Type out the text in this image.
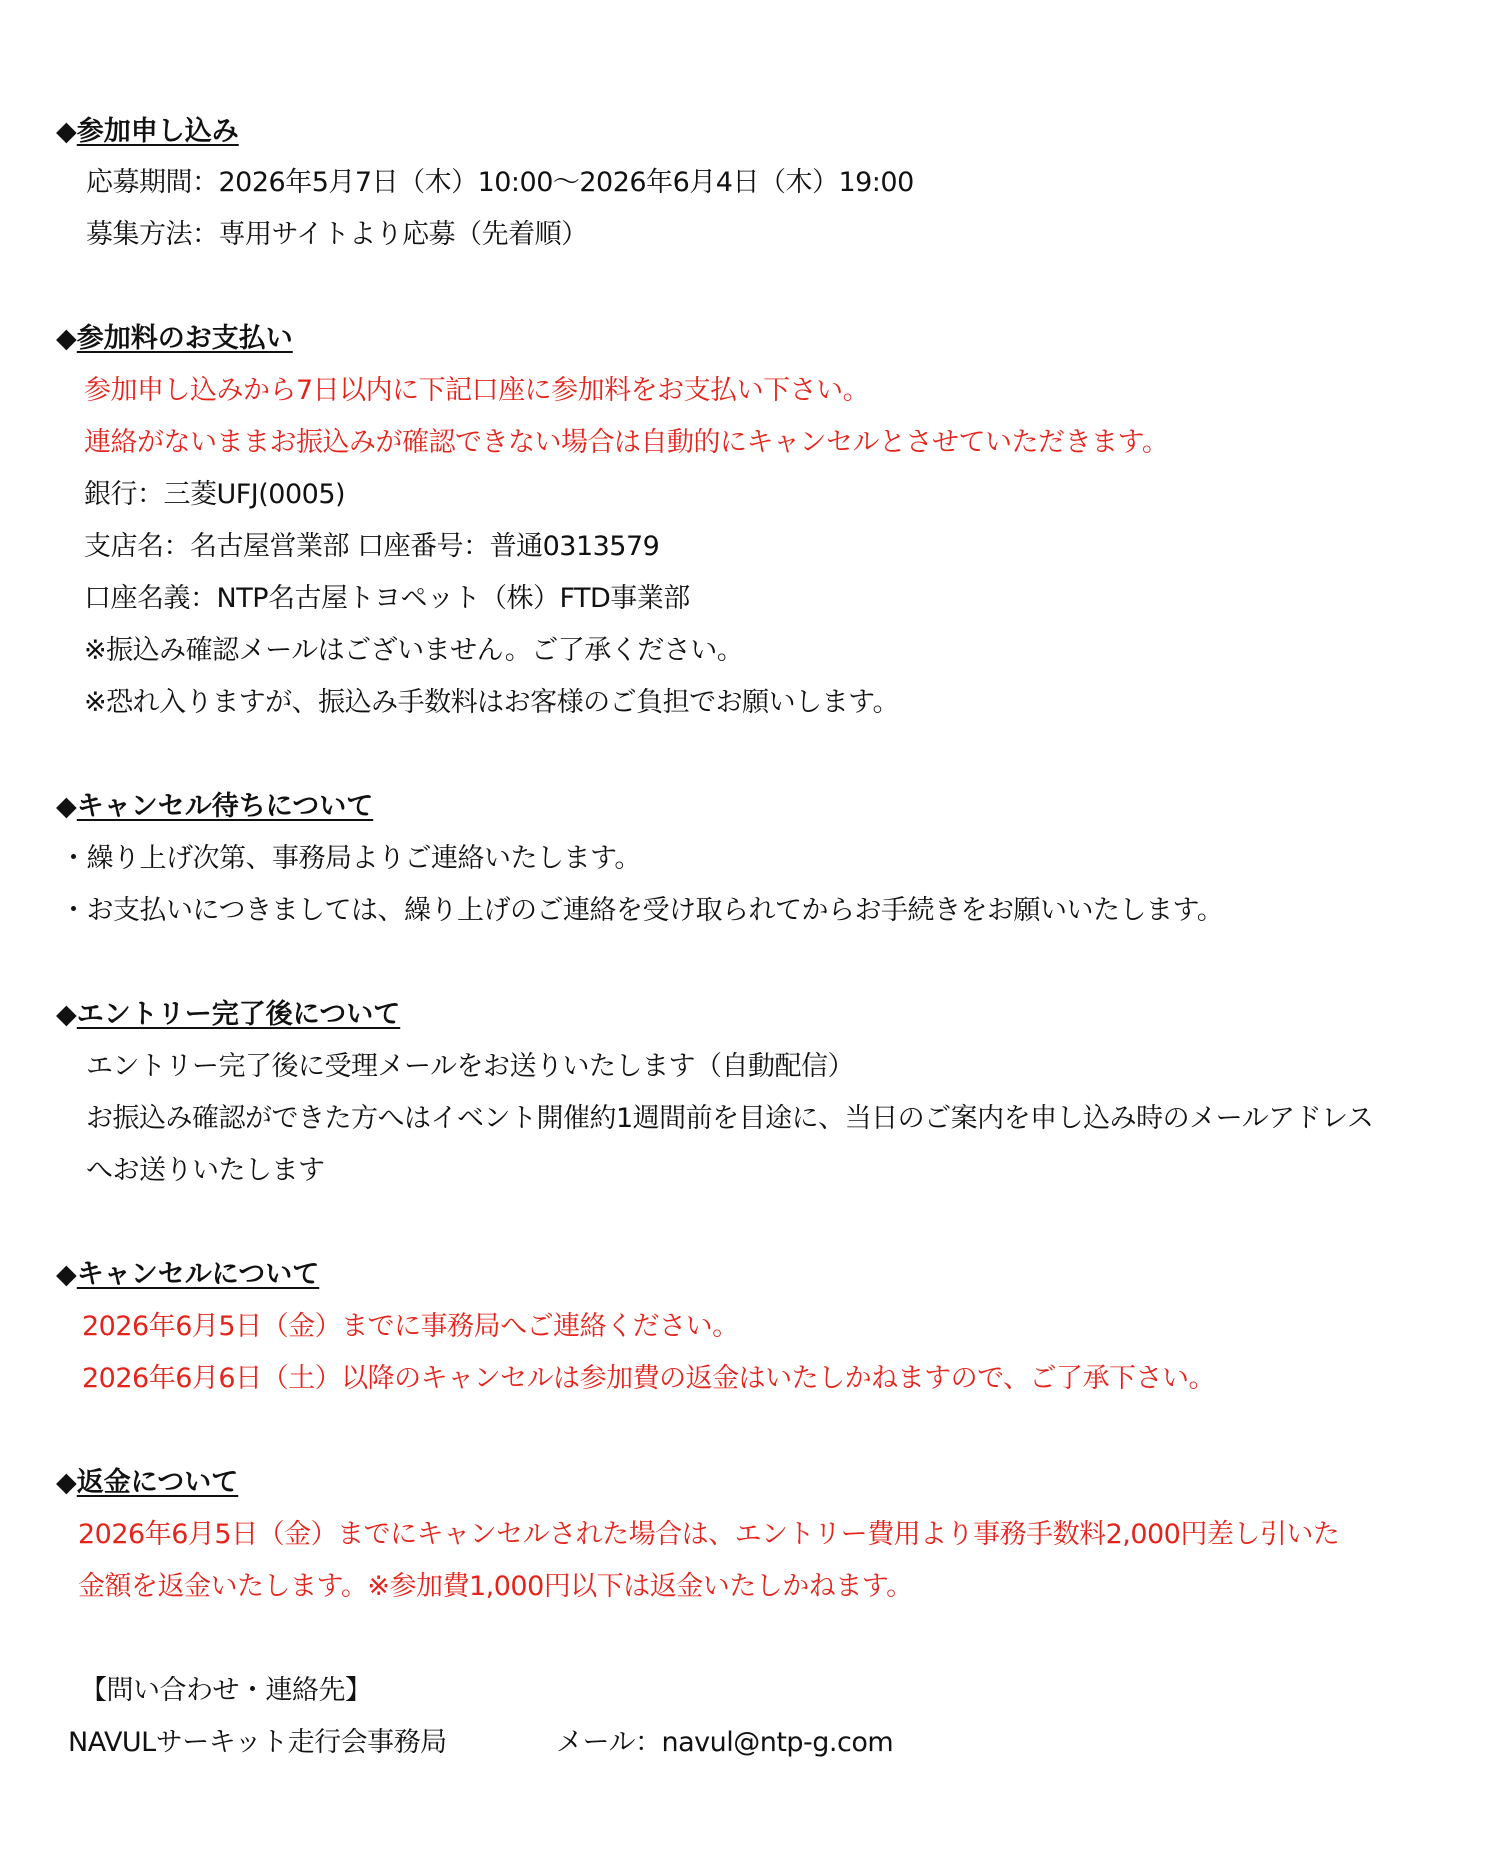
◆参加申し込み
応募期間：2026年5月7日（木）10:00～2026年6月4日（木）19:00
募集方法：専用サイトより応募（先着順）
◆参加料のお支払い
参加申し込みから7日以内に下記口座に参加料をお支払い下さい。
連絡がないままお振込みが確認できない場合は自動的にキャンセルとさせていただきます。
銀行：三菱UFJ(0005)
支店名：名古屋営業部 口座番号：普通0313579
口座名義：NTP名古屋トヨペット（株）FTD事業部
※振込み確認メールはございません。ご了承ください。
※恐れ入りますが、振込み手数料はお客様のご負担でお願いします。
◆キャンセル待ちについて
・繰り上げ次第、事務局よりご連絡いたします。
・お支払いにつきましては、繰り上げのご連絡を受け取られてからお手続きをお願いいたします。
◆エントリー完了後について
エントリー完了後に受理メールをお送りいたします（自動配信）
お振込み確認ができた方へはイベント開催約1週間前を目途に、当日のご案内を申し込み時のメールアドレス
へお送りいたします
◆キャンセルについて
2026年6月5日（金）までに事務局へご連絡ください。
2026年6月6日（土）以降のキャンセルは参加費の返金はいたしかねますので、ご了承下さい。
◆返金について
2026年6月5日（金）までにキャンセルされた場合は、エントリー費用より事務手数料2,000円差し引いた
金額を返金いたします。※参加費1,000円以下は返金いたしかねます。
【問い合わせ・連絡先】
NAVULサーキット走行会事務局	メール：navul@ntp-g.com
